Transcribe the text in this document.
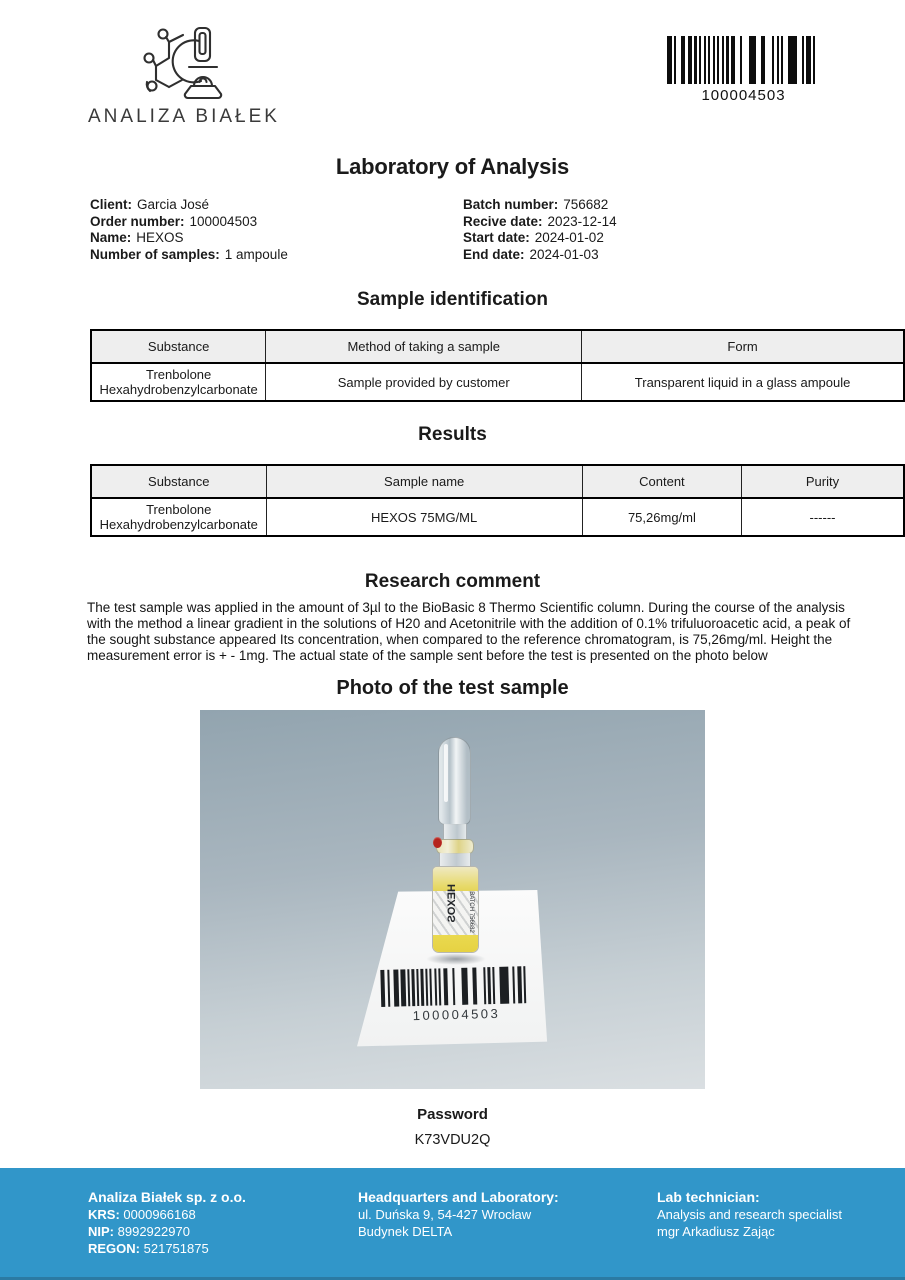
ANALIZA BIAŁEK
100004503
Laboratory of Analysis
Client: Garcia José
Order number: 100004503
Name: HEXOS
Number of samples: 1 ampoule
Batch number: 756682
Recive date: 2023-12-14
Start date: 2024-01-02
End date: 2024-01-03
Sample identification
Substance	Method of taking a sample	Form
Trenbolone Hexahydrobenzylcarbonate	Sample provided by customer	Transparent liquid in a glass ampoule
Results
Substance	Sample name	Content	Purity
Trenbolone Hexahydrobenzylcarbonate	HEXOS 75MG/ML	75,26mg/ml	------
Research comment
The test sample was applied in the amount of 3µl to the BioBasic 8 Thermo Scientific column. During the course of the analysis with the method a linear gradient in the solutions of H20 and Acetonitrile with the addition of 0.1% trifuluoroacetic acid, a peak of the sought substance appeared Its concentration, when compared to the reference chromatogram, is 75,26mg/ml. Height the measurement error is + - 1mg. The actual state of the sample sent before the test is presented on the photo below
Photo of the test sample
100004503
HEXOS BATCH 756682
Password
K73VDU2Q
Analiza Białek sp. z o.o.
KRS: 0000966168
NIP: 8992922970
REGON: 521751875
Headquarters and Laboratory:
ul. Duńska 9, 54-427 Wrocław
Budynek DELTA
Lab technician:
Analysis and research specialist
mgr Arkadiusz Zając
